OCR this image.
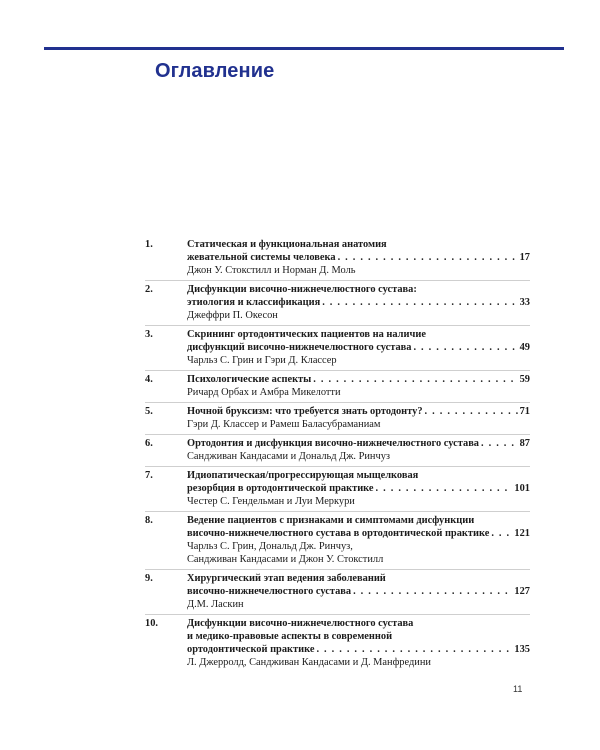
Оглавление
1.	Статическая и функциональная анатомия
жевательной системы человека . . .	17
Джон У. Стокстилл и Норман Д. Моль
2.	Дисфункции височно-нижнечелюстного сустава:
этиология и классификация . . .	33
Джеффри П. Окесон
3.	Скрининг ортодонтических пациентов на наличие
дисфункций височно-нижнечелюстного сустава . . .	49
Чарльз С. Грин и Гэри Д. Классер
4.	Психологические аспекты . . .	59
Ричард Орбах и Амбра Микелотти
5.	Ночной бруксизм: что требуется знать ортодонту? . . .	71
Гэри Д. Классер и Рамеш Баласубраманиам
6.	Ортодонтия и дисфункция височно-нижнечелюстного сустава . . .	87
Сандживан Кандасами и Дональд Дж. Ринчуз
7.	Идиопатическая/прогрессирующая мыщелковая
резорбция в ортодонтической практике . . .	101
Честер С. Гендельман и Луи Меркури
8.	Ведение пациентов с признаками и симптомами дисфункции
височно-нижнечелюстного сустава в ортодонтической практике . . . 121
Чарльз С. Грин, Дональд Дж. Ринчуз,
Сандживан Кандасами и Джон У. Стокстилл
9.	Хирургический этап ведения заболеваний
височно-нижнечелюстного сустава . . .	127
Д.М. Ласкин
10.	Дисфункции височно-нижнечелюстного сустава
и медико-правовые аспекты в современной
ортодонтической практике . . .	135
Л. Джерролд, Сандживан Кандасами и Д. Манфредини
11
